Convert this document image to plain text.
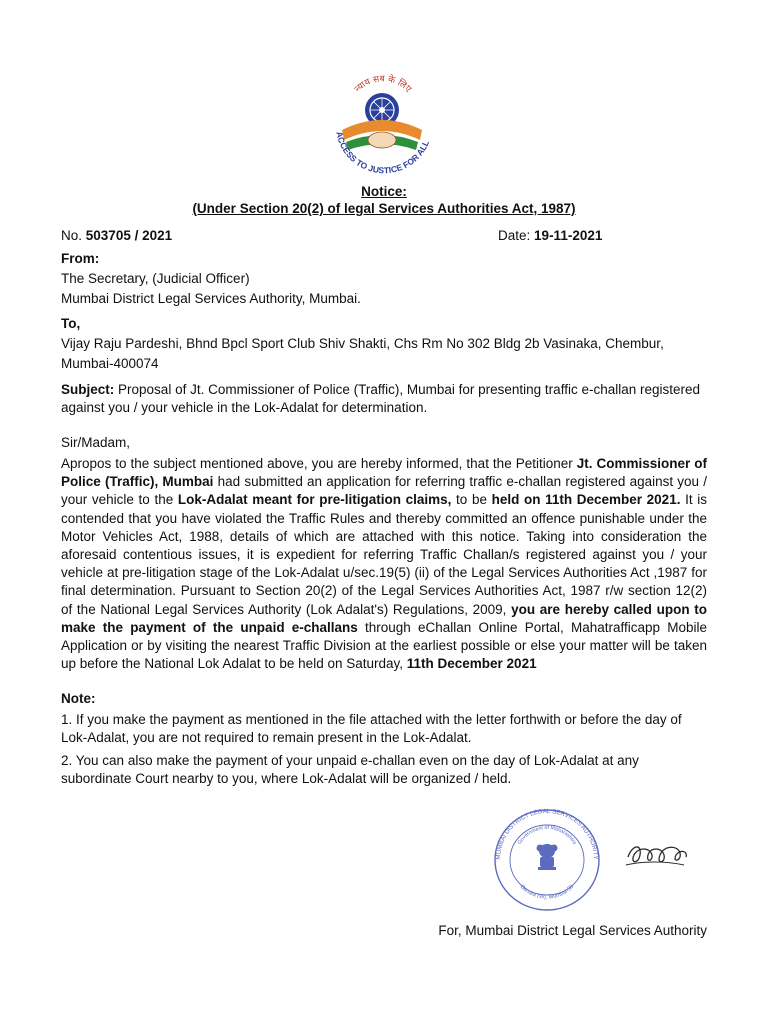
न्याय सब के लिए
ACCESS TO JUSTICE FOR ALL
Notice:
(Under Section 20(2) of legal Services Authorities Act, 1987)
No. 503705 / 2021	Date: 19-11-2021
From:
The Secretary, (Judicial Officer)
Mumbai District Legal Services Authority, Mumbai.
To,
Vijay Raju Pardeshi, Bhnd Bpcl Sport Club Shiv Shakti, Chs Rm No 302 Bldg 2b Vasinaka, Chembur,
Mumbai-400074
Subject: Proposal of Jt. Commissioner of Police (Traffic), Mumbai for presenting traffic e-challan registered against you / your vehicle in the Lok-Adalat for determination.
Sir/Madam,
Apropos to the subject mentioned above, you are hereby informed, that the Petitioner Jt. Commissioner of Police (Traffic), Mumbai had submitted an application for referring traffic e-challan registered against you / your vehicle to the Lok-Adalat meant for pre-litigation claims, to be held on 11th December 2021. It is contended that you have violated the Traffic Rules and thereby committed an offence punishable under the Motor Vehicles Act, 1988, details of which are attached with this notice. Taking into consideration the aforesaid contentious issues, it is expedient for referring Traffic Challan/s registered against you / your vehicle at pre-litigation stage of the Lok-Adalat u/sec.19(5) (ii) of the Legal Services Authorities Act ,1987 for final determination. Pursuant to Section 20(2) of the Legal Services Authorities Act, 1987 r/w section 12(2) of the National Legal Services Authority (Lok Adalat's) Regulations, 2009, you are hereby called upon to make the payment of the unpaid e-challans through eChallan Online Portal, Mahatrafficapp Mobile Application or by visiting the nearest Traffic Division at the earliest possible or else your matter will be taken up before the National Lok Adalat to be held on Saturday, 11th December 2021
Note:
1. If you make the payment as mentioned in the file attached with the letter forthwith or before the day of Lok-Adalat, you are not required to remain present in the Lok-Adalat.
2. You can also make the payment of your unpaid e-challan even on the day of Lok-Adalat at any subordinate Court nearby to you, where Lok-Adalat will be organized / held.
MUMBAI DISTRICT LEGAL SERVICES AUTHORITY
Government of Maharashtra
Bandra (W), Mumbai-50
For, Mumbai District Legal Services Authority
